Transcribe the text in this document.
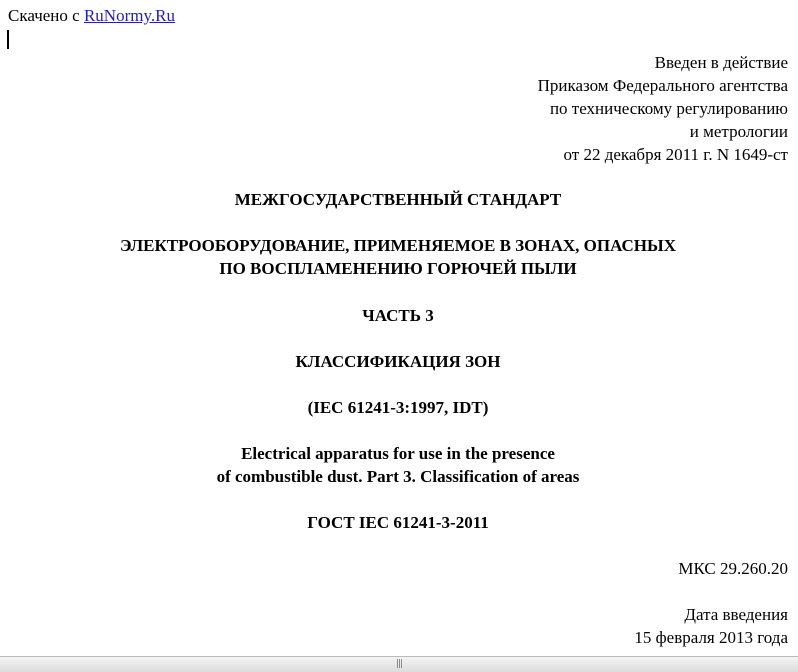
Скачено с RuNormy.Ru
Введен в действие
Приказом Федерального агентства
по техническому регулированию
и метрологии
от 22 декабря 2011 г. N 1649-ст
МЕЖГОСУДАРСТВЕННЫЙ СТАНДАРТ
ЭЛЕКТРООБОРУДОВАНИЕ, ПРИМЕНЯЕМОЕ В ЗОНАХ, ОПАСНЫХ
ПО ВОСПЛАМЕНЕНИЮ ГОРЮЧЕЙ ПЫЛИ
ЧАСТЬ 3
КЛАССИФИКАЦИЯ ЗОН
(IEC 61241-3:1997, IDT)
Electrical apparatus for use in the presence
of combustible dust. Part 3. Classification of areas
ГОСТ IEC 61241-3-2011
МКС 29.260.20
Дата введения
15 февраля 2013 года
|||
